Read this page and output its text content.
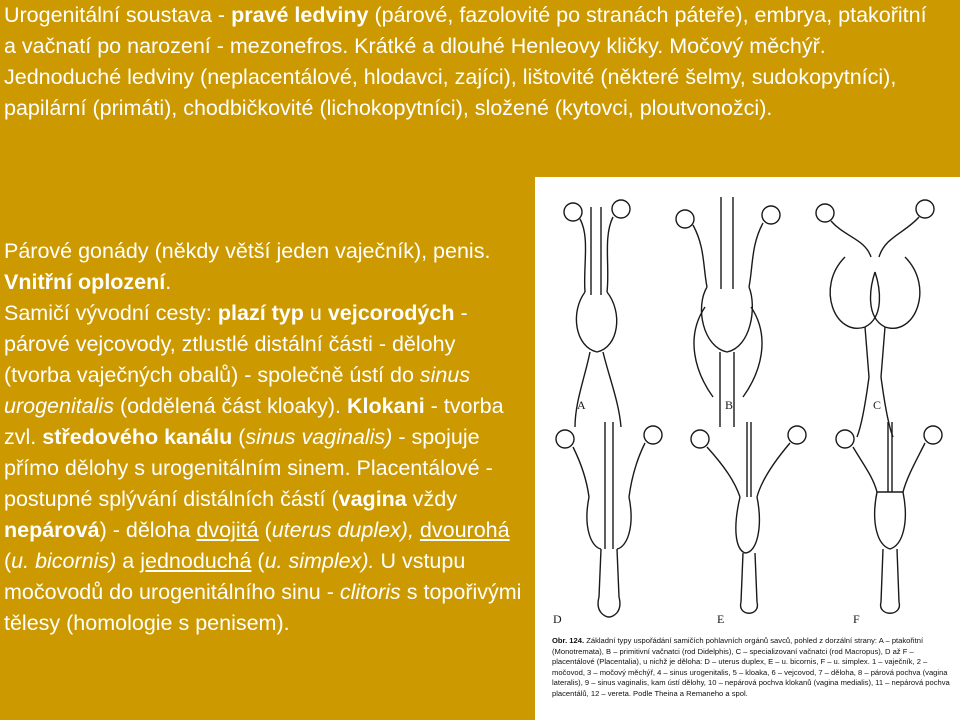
Urogenitální soustava - pravé ledviny (párové, fazolovité po stranách páteře), embrya, ptakořitní a vačnatí po narození - mezonefros. Krátké a dlouhé Henleovy kličky. Močový měchýř. Jednoduché ledviny (neplacentálové, hlodavci, zajíci), lištovité (některé šelmy, sudokopytníci), papilární (primáti), chodbičkovité (lichokopytníci), složené (kytovci, ploutvonožci).

Párové gonády (někdy větší jeden vaječník), penis. Vnitřní oplození.
Samičí vývodní cesty: plazí typ u vejcorodých - párové vejcovody, ztlustlé distální části - dělohy (tvorba vaječných obalů) - společně ústí do sinus urogenitalis (oddělená část kloaky). Klokani - tvorba zvl. středového kanálu (sinus vaginalis) - spojuje přímo dělohy s urogenitálním sinem. Placentálové - postupné splývání distálních částí (vagina vždy nepárová) - děloha dvojitá (uterus duplex), dvourohá (u. bicornis) a jednoduchá (u. simplex). U vstupu močovodů do urogenitálního sinu - clitoris s topořivými tělesy (homologie s penisem).

A	B	C
D	E	F
Obr. 124. Základní typy uspořádání samičích pohlavních orgánů savců, pohled z dorzální strany: A – ptakořitní (Monotremata), B – primitivní vačnatci (rod Didelphis), C – specializovaní vačnatci (rod Macropus), D až F – placentálové (Placentalia), u nichž je děloha: D – uterus duplex, E – u. bicornis, F – u. simplex. 1 – vaječník, 2 – močovod, 3 – močový měchýř, 4 – sinus urogenitalis, 5 – kloaka, 6 – vejcovod, 7 – děloha, 8 – párová pochva (vagina lateralis), 9 – sinus vaginalis, kam ústí dělohy, 10 – nepárová pochva klokanů (vagina medialis), 11 – nepárová pochva placentálů, 12 – vereta. Podle Theina a Remaneho a spol.
